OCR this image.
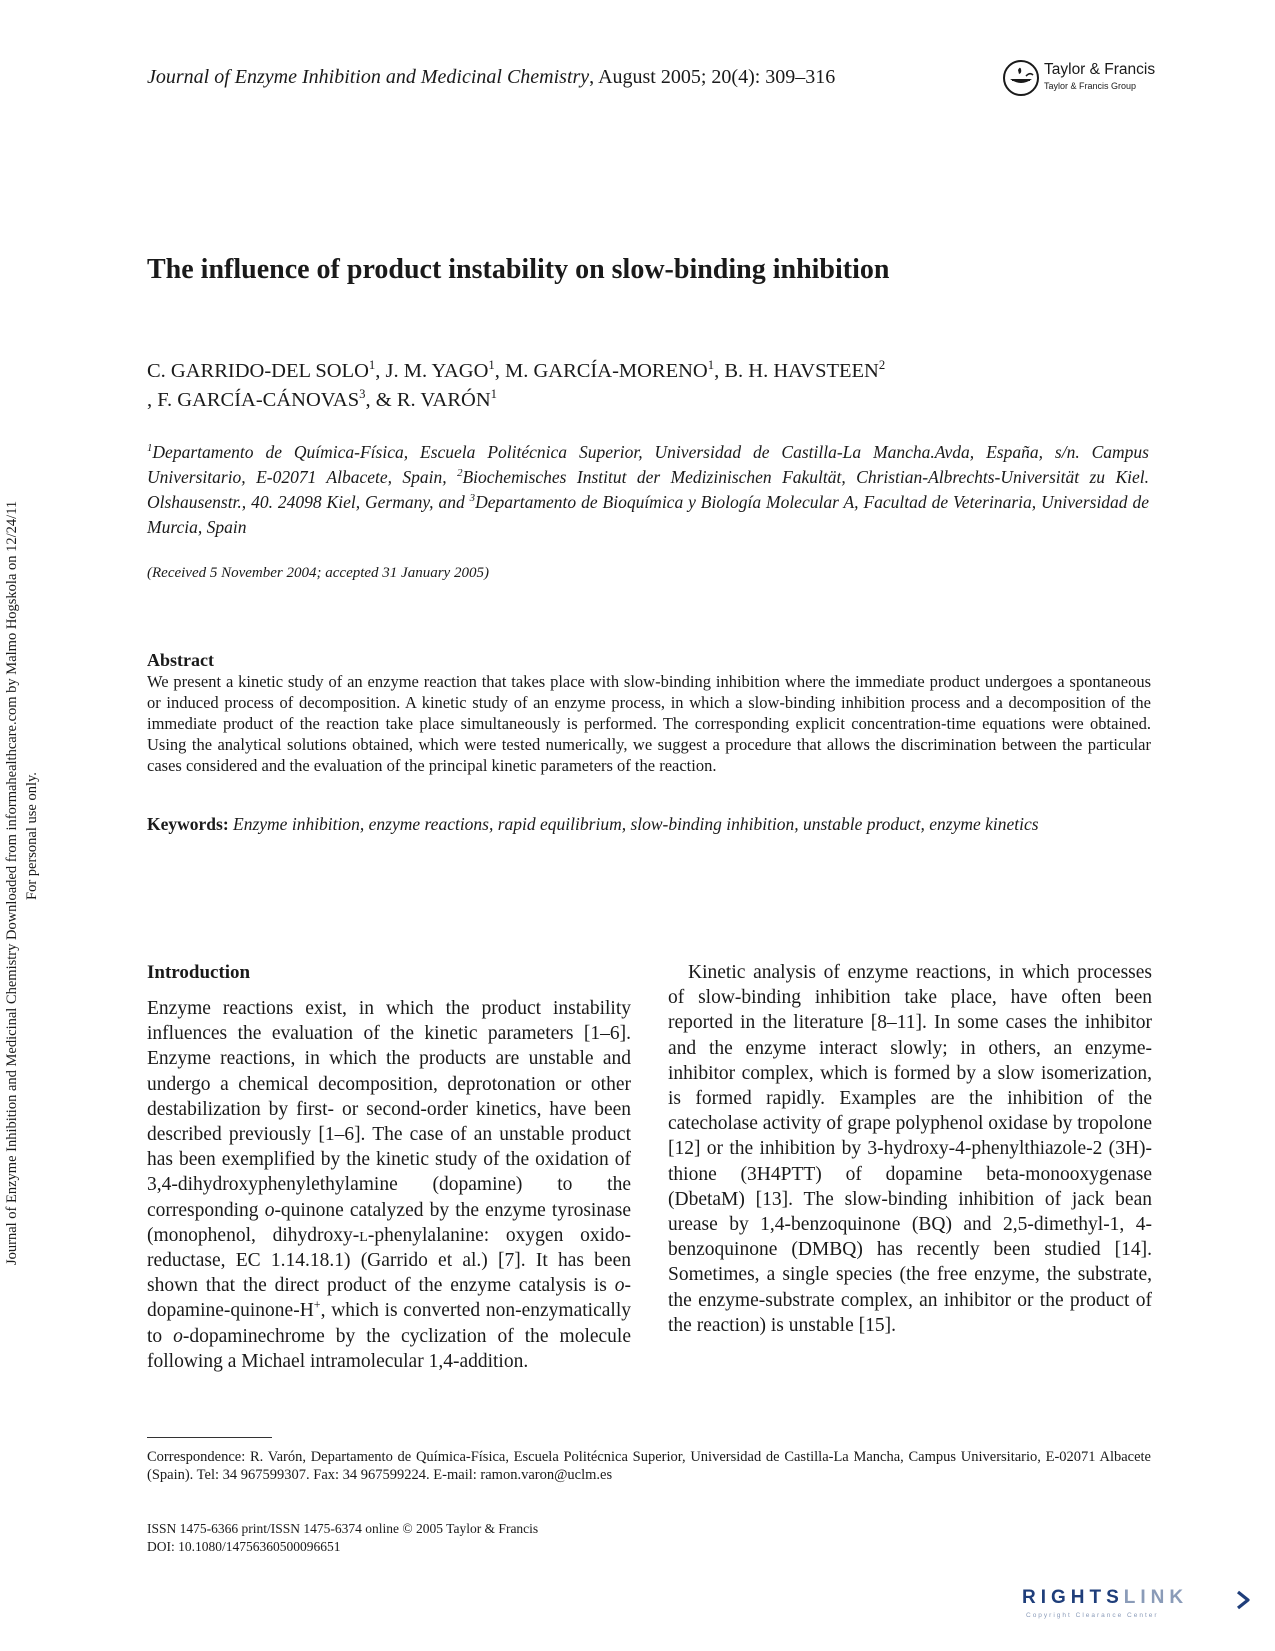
Journal of Enzyme Inhibition and Medicinal Chemistry, August 2005; 20(4): 309–316	Taylor & Francis
Taylor & Francis Group
The influence of product instability on slow-binding inhibition
C. GARRIDO-DEL SOLO$^1$, J. M. YAGO$^1$, M. GARCÍA-MORENO$^1$, B. H. HAVSTEEN$^2$
, F. GARCÍA-CÁNOVAS$^3$, & R. VARÓN$^1$
$^1$Departamento de Química-Física, Escuela Politécnica Superior, Universidad de Castilla-La Mancha.Avda, España, s/n. Campus Universitario, E-02071 Albacete, Spain, $^2$Biochemisches Institut der Medizinischen Fakultät, Christian-Albrechts-Universität zu Kiel. Olshausenstr., 40. 24098 Kiel, Germany, and $^3$Departamento de Bioquímica y Biología Molecular A, Facultad de Veterinaria, Universidad de Murcia, Spain
(Received 5 November 2004; accepted 31 January 2005)
Abstract
We present a kinetic study of an enzyme reaction that takes place with slow-binding inhibition where the immediate product undergoes a spontaneous or induced process of decomposition. A kinetic study of an enzyme process, in which a slow-binding inhibition process and a decomposition of the immediate product of the reaction take place simultaneously is performed. The corresponding explicit concentration-time equations were obtained. Using the analytical solutions obtained, which were tested numerically, we suggest a procedure that allows the discrimination between the particular cases considered and the evaluation of the principal kinetic parameters of the reaction.
Keywords: Enzyme inhibition, enzyme reactions, rapid equilibrium, slow-binding inhibition, unstable product, enzyme kinetics
Introduction

Enzyme reactions exist, in which the product instability influences the evaluation of the kinetic parameters [1–6]. Enzyme reactions, in which the products are unstable and undergo a chemical decomposition, deprotonation or other destabilization by first- or second-order kinetics, have been described previously [1–6]. The case of an unstable product has been exemplified by the kinetic study of the oxidation of 3,4-dihydroxyphenylethylamine (dopamine) to the corresponding o-quinone catalyzed by the enzyme tyrosinase (monophenol, dihydroxy-l-phenylalanine: oxygen oxido-reductase, EC 1.14.18.1) (Garrido et al.) [7]. It has been shown that the direct product of the enzyme catalysis is o-dopamine-quinone-H+, which is converted non-enzymatically to o-dopaminechrome by the cyclization of the molecule following a Michael intramolecular 1,4-addition.

Kinetic analysis of enzyme reactions, in which processes of slow-binding inhibition take place, have often been reported in the literature [8–11]. In some cases the inhibitor and the enzyme interact slowly; in others, an enzyme-inhibitor complex, which is formed by a slow isomerization, is formed rapidly. Examples are the inhibition of the catecholase activity of grape polyphenol oxidase by tropolone [12] or the inhibition by 3-hydroxy-4-phenylthiazole-2 (3H)-thione (3H4PTT) of dopamine beta-monooxygenase (DbetaM) [13]. The slow-binding inhibition of jack bean urease by 1,4-benzoquinone (BQ) and 2,5-dimethyl-1, 4-benzoquinone (DMBQ) has recently been studied [14]. Sometimes, a single species (the free enzyme, the substrate, the enzyme-substrate complex, an inhibitor or the product of the reaction) is unstable [15].

Correspondence: R. Varón, Departamento de Química-Física, Escuela Politécnica Superior, Universidad de Castilla-La Mancha, Campus Universitario, E-02071 Albacete (Spain). Tel: 34 967599307. Fax: 34 967599224. E-mail: ramon.varon@uclm.es
ISSN 1475-6366 print/ISSN 1475-6374 online © 2005 Taylor & Francis
DOI: 10.1080/14756360500096651
Journal of Enzyme Inhibition and Medicinal Chemistry Downloaded from informahealthcare.com by Malmo Hogskola on 12/24/11 For personal use only.
RIGHTSLINK
Copyright Clearance Center
